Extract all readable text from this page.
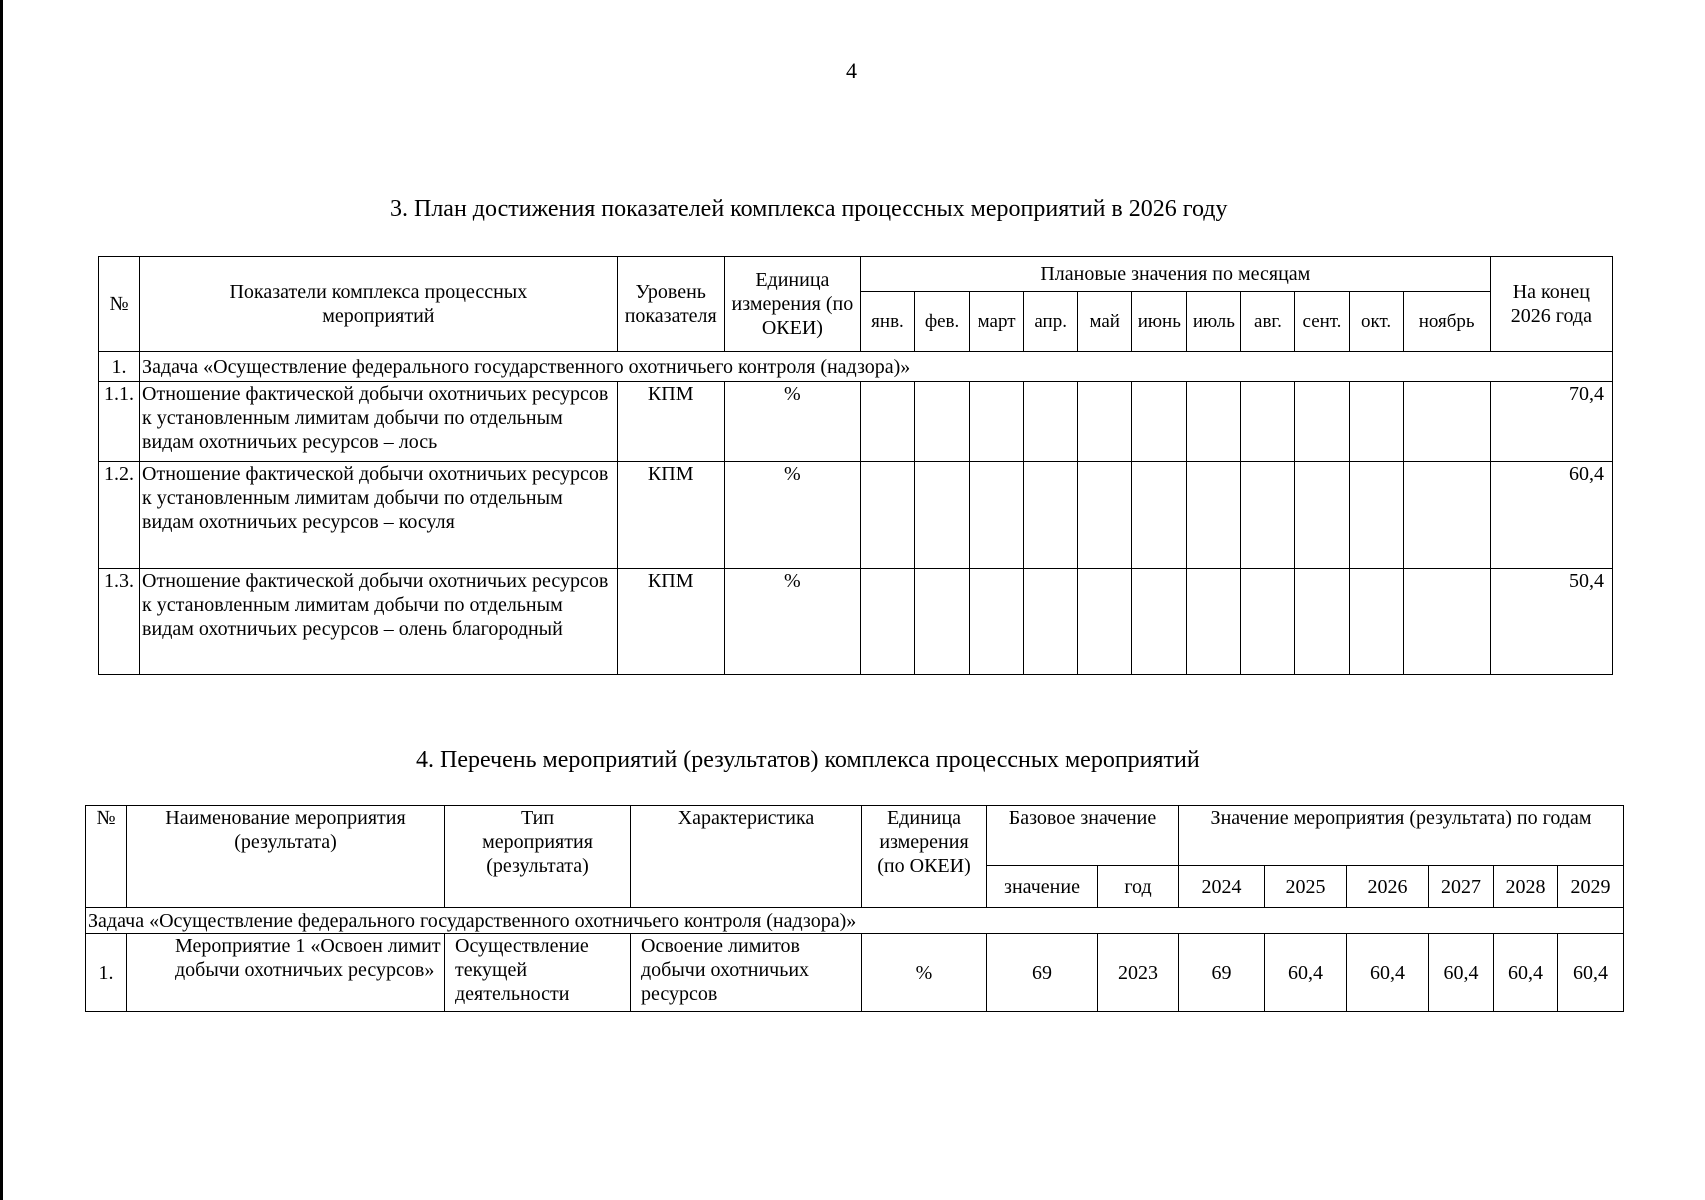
4
3. План достижения показателей комплекса процессных мероприятий в 2026 году
№	Показатели комплекса процессных мероприятий	Уровень показателя	Единица измерения (по ОКЕИ)	Плановые значения по месяцам											На конец 2026 года
				янв.	фев.	март	апр.	май	июнь	июль	авг.	сент.	окт.	ноябрь	
1.	Задача «Осуществление федерального государственного охотничьего контроля (надзора)»														
1.1.	Отношение фактической добычи охотничьих ресурсов к установленным лимитам добычи по отдельным видам охотничьих ресурсов – лось	КПМ	%												70,4
1.2.	Отношение фактической добычи охотничьих ресурсов к установленным лимитам добычи по отдельным видам охотничьих ресурсов – косуля	КПМ	%												60,4
1.3.	Отношение фактической добычи охотничьих ресурсов к установленным лимитам добычи по отдельным видам охотничьих ресурсов – олень благородный	КПМ	%												50,4
4. Перечень мероприятий (результатов) комплекса процессных мероприятий
№	Наименование мероприятия (результата)	Тип мероприятия (результата)	Характеристика	Единица измерения (по ОКЕИ)	Базовое значение		Значение мероприятия (результата) по годам					
					значение	год	2024	2025	2026	2027	2028	2029
Задача «Осуществление федерального государственного охотничьего контроля (надзора)»												
1.	Мероприятие 1 «Освоен лимит добычи охотничьих ресурсов»	Осуществление текущей деятельности	Освоение лимитов добычи охотничьих ресурсов	%	69	2023	69	60,4	60,4	60,4	60,4	60,4
